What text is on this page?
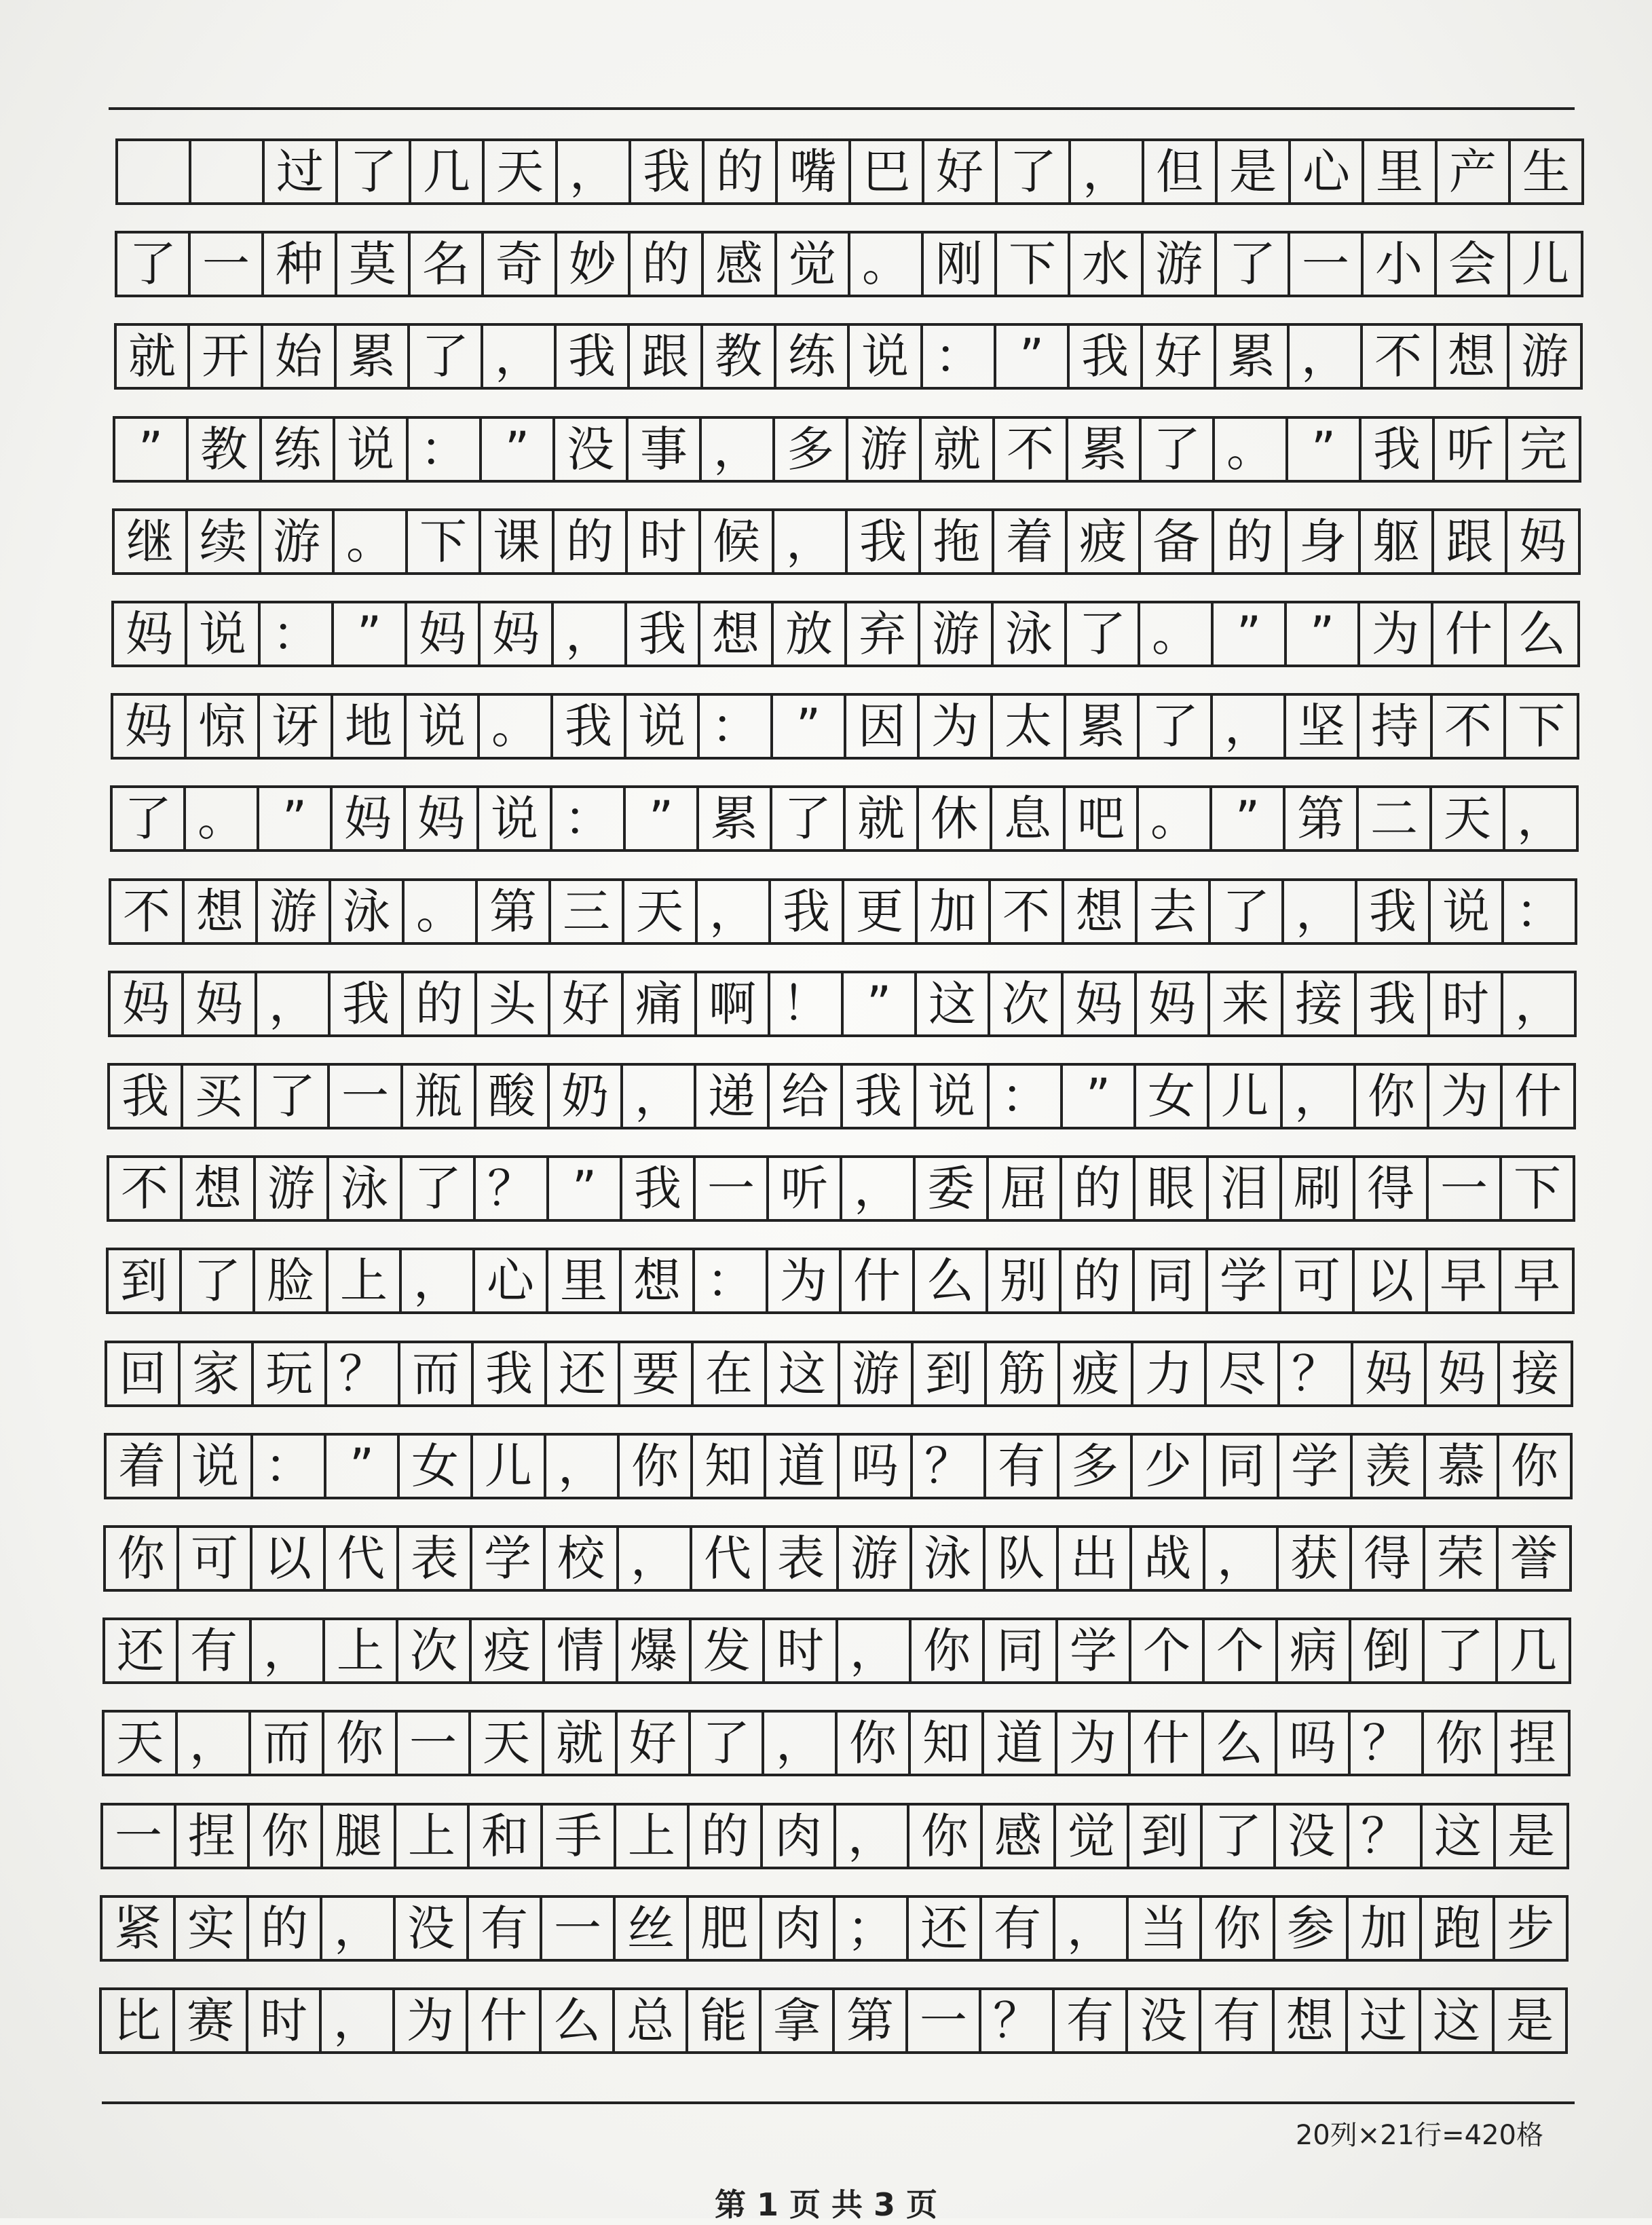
过 了 几 天 ， 我 的 嘴 巴 好 了 ， 但 是 心 里 产 生
了 一 种 莫 名 奇 妙 的 感 觉 。 刚 下 水 游 了 一 小 会 儿
就 开 始 累 了 ， 我 跟 教 练 说 ： ” 我 好 累 ， 不 想 游
” 教 练 说 ： ” 没 事 ， 多 游 就 不 累 了 。 ” 我 听 完
继 续 游 。 下 课 的 时 候 ， 我 拖 着 疲 备 的 身 躯 跟 妈
妈 说 ： ” 妈 妈 ， 我 想 放 弃 游 泳 了 。 ”	” 为 什 么
妈 惊 讶 地 说 。 我 说 ： ” 因 为 太 累 了 ， 坚 持 不 下
了 。 ” 妈 妈 说 ： ” 累 了 就 休 息 吧 。 ” 第 二 天 ，
不 想 游 泳 。 第 三 天 ， 我 更 加 不 想 去 了 ， 我 说 ：
妈 妈 ， 我 的 头 好 痛 啊 ！ ” 这 次 妈 妈 来 接 我 时 ，
我 买 了 一 瓶 酸 奶 ， 递 给 我 说 ： ” 女 儿 ， 你 为 什
不 想 游 泳 了 ？ ” 我 一 听 ， 委 屈 的 眼 泪 刷 得 一 下
到 了 脸 上 ， 心 里 想 ： 为 什 么 别 的 同 学 可 以 早 早
回 家 玩 ？ 而 我 还 要 在 这 游 到 筋 疲 力 尽 ？ 妈 妈 接
着 说 ： ” 女 儿 ， 你 知 道 吗 ？ 有 多 少 同 学 羡 慕 你
你 可 以 代 表 学 校 ， 代 表 游 泳 队 出 战 ， 获 得 荣 誉
还 有 ， 上 次 疫 情 爆 发 时 ， 你 同 学 个 个 病 倒 了 几
天 ， 而 你 一 天 就 好 了 ， 你 知 道 为 什 么 吗 ？ 你 捏
一 捏 你 腿 上 和 手 上 的 肉 ， 你 感 觉 到 了 没 ？ 这 是
紧 实 的 ， 没 有 一 丝 肥 肉 ； 还 有 ， 当 你 参 加 跑 步
比 赛 时 ， 为 什 么 总 能 拿 第 一 ？ 有 没 有 想 过 这 是
20列×21行=420格
第 1 页 共 3 页
